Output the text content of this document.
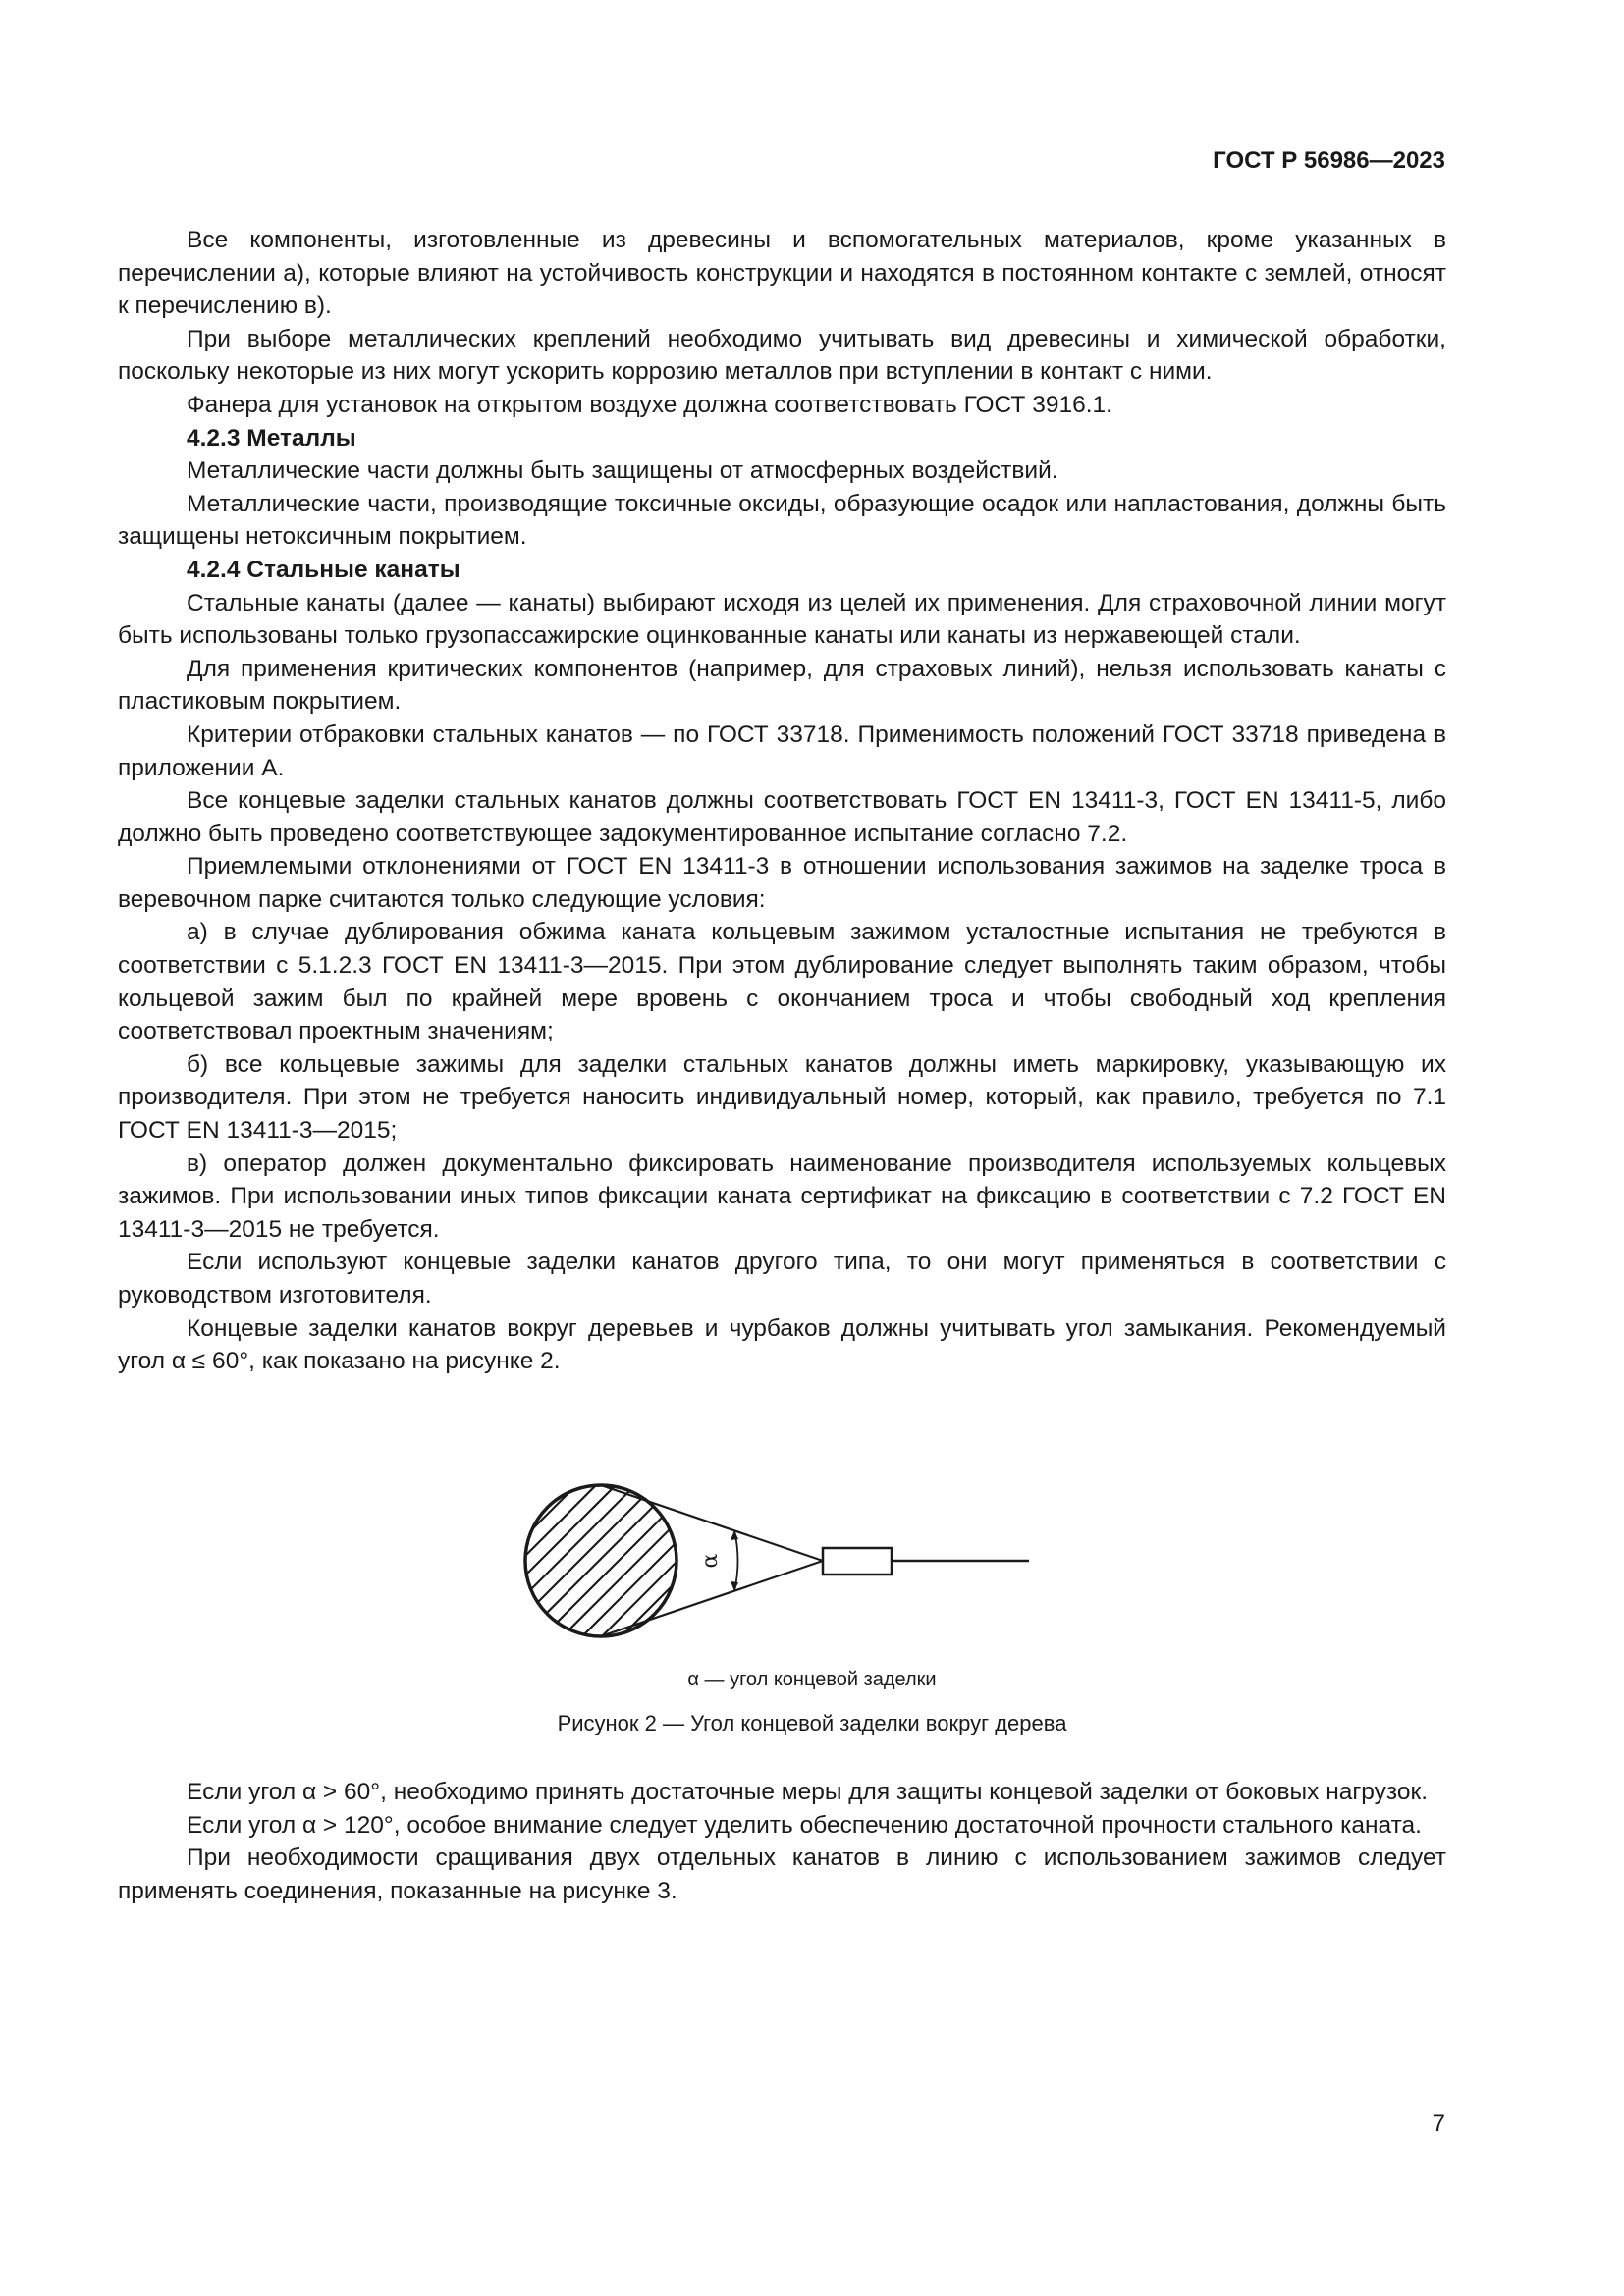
ГОСТ Р 56986—2023

Все компоненты, изготовленные из древесины и вспомогательных материалов, кроме указанных в перечислении а), которые влияют на устойчивость конструкции и находятся в постоянном контакте с землей, относят к перечислению в).

При выборе металлических креплений необходимо учитывать вид древесины и химической обработки, поскольку некоторые из них могут ускорить коррозию металлов при вступлении в контакт с ними.

Фанера для установок на открытом воздухе должна соответствовать ГОСТ 3916.1.

4.2.3 Металлы

Металлические части должны быть защищены от атмосферных воздействий.

Металлические части, производящие токсичные оксиды, образующие осадок или напластования, должны быть защищены нетоксичным покрытием.

4.2.4 Стальные канаты

Стальные канаты (далее — канаты) выбирают исходя из целей их применения. Для страховочной линии могут быть использованы только грузопассажирские оцинкованные канаты или канаты из нержавеющей стали.

Для применения критических компонентов (например, для страховых линий), нельзя использовать канаты с пластиковым покрытием.

Критерии отбраковки стальных канатов — по ГОСТ 33718. Применимость положений ГОСТ 33718 приведена в приложении А.

Все концевые заделки стальных канатов должны соответствовать ГОСТ EN 13411-3, ГОСТ EN 13411-5, либо должно быть проведено соответствующее задокументированное испытание согласно 7.2.

Приемлемыми отклонениями от ГОСТ EN 13411-3 в отношении использования зажимов на заделке троса в веревочном парке считаются только следующие условия:

а) в случае дублирования обжима каната кольцевым зажимом усталостные испытания не требуются в соответствии с 5.1.2.3 ГОСТ EN 13411-3—2015. При этом дублирование следует выполнять таким образом, чтобы кольцевой зажим был по крайней мере вровень с окончанием троса и чтобы свободный ход крепления соответствовал проектным значениям;

б) все кольцевые зажимы для заделки стальных канатов должны иметь маркировку, указывающую их производителя. При этом не требуется наносить индивидуальный номер, который, как правило, требуется по 7.1 ГОСТ EN 13411-3—2015;

в) оператор должен документально фиксировать наименование производителя используемых кольцевых зажимов. При использовании иных типов фиксации каната сертификат на фиксацию в соответствии с 7.2 ГОСТ EN 13411-3—2015 не требуется.

Если используют концевые заделки канатов другого типа, то они могут применяться в соответствии с руководством изготовителя.

Концевые заделки канатов вокруг деревьев и чурбаков должны учитывать угол замыкания. Рекомендуемый угол α ≤ 60°, как показано на рисунке 2.

α
α — угол концевой заделки
Рисунок 2 — Угол концевой заделки вокруг дерева

Если угол α > 60°, необходимо принять достаточные меры для защиты концевой заделки от боковых нагрузок.

Если угол α > 120°, особое внимание следует уделить обеспечению достаточной прочности стального каната.

При необходимости сращивания двух отдельных канатов в линию с использованием зажимов следует применять соединения, показанные на рисунке 3.

7
